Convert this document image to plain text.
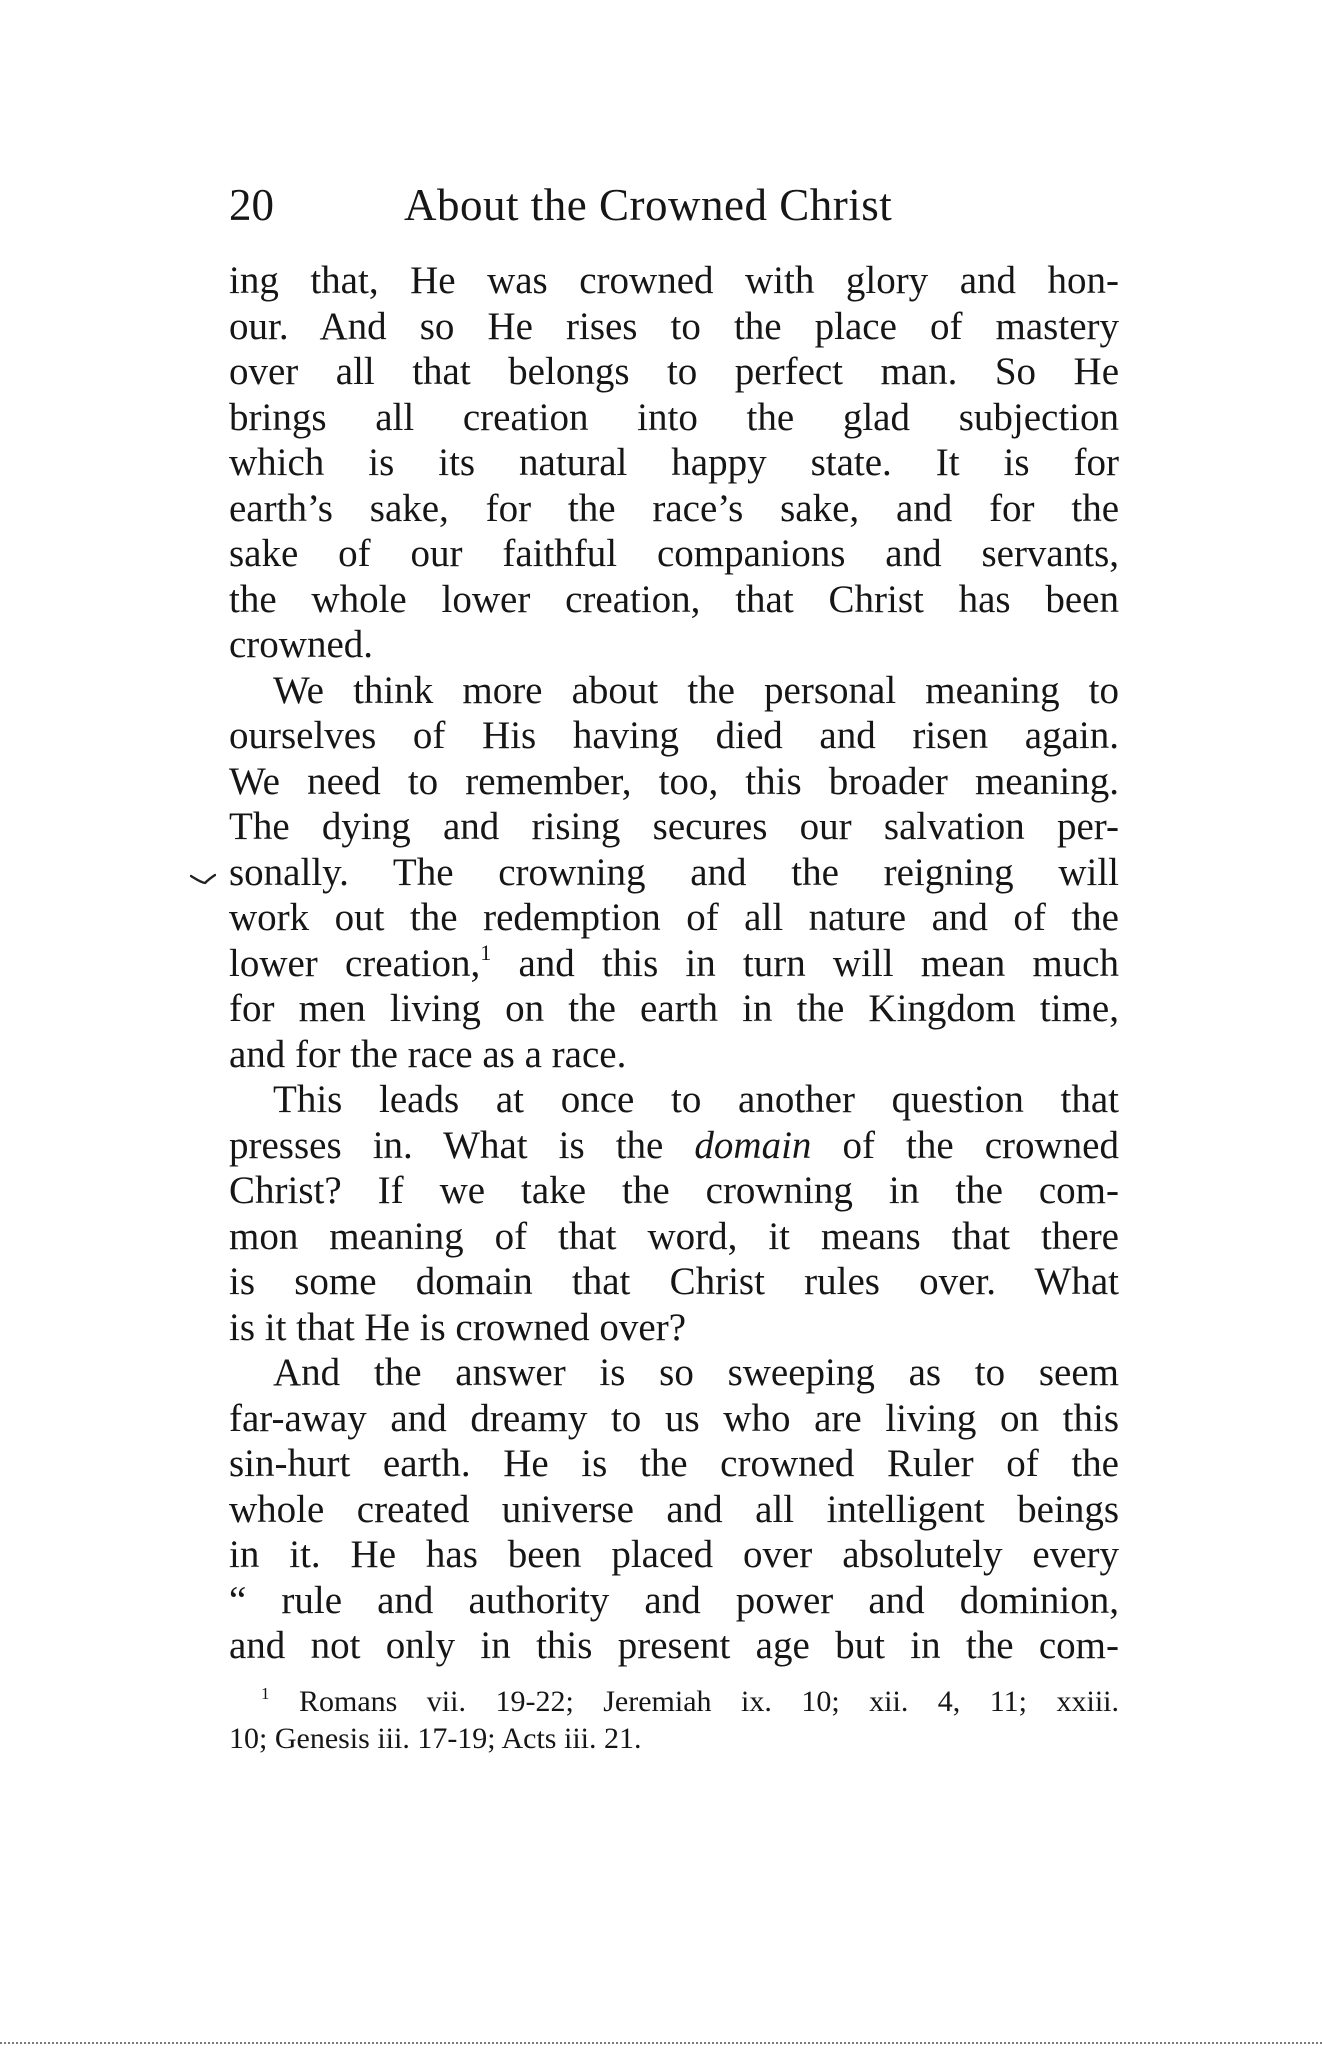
20	About the Crowned Christ
ing that, He was crowned with glory and hon-
our. And so He rises to the place of mastery
over all that belongs to perfect man. So He
brings all creation into the glad subjection
which is its natural happy state. It is for
earth’s sake, for the race’s sake, and for the
sake of our faithful companions and servants,
the whole lower creation, that Christ has been
crowned.
We think more about the personal meaning to
ourselves of His having died and risen again.
We need to remember, too, this broader meaning.
The dying and rising secures our salvation per-
sonally. The crowning and the reigning will
work out the redemption of all nature and of the
lower creation,$^1$ and this in turn will mean much
for men living on the earth in the Kingdom time,
and for the race as a race.
This leads at once to another question that
presses in. What is the domain of the crowned
Christ? If we take the crowning in the com-
mon meaning of that word, it means that there
is some domain that Christ rules over. What
is it that He is crowned over?
And the answer is so sweeping as to seem
far-away and dreamy to us who are living on this
sin-hurt earth. He is the crowned Ruler of the
whole created universe and all intelligent beings
in it. He has been placed over absolutely every
“ rule and authority and power and dominion,
and not only in this present age but in the com-
$^1$ Romans vii. 19-22; Jeremiah ix. 10; xii. 4, 11; xxiii.
10; Genesis iii. 17-19; Acts iii. 21.
